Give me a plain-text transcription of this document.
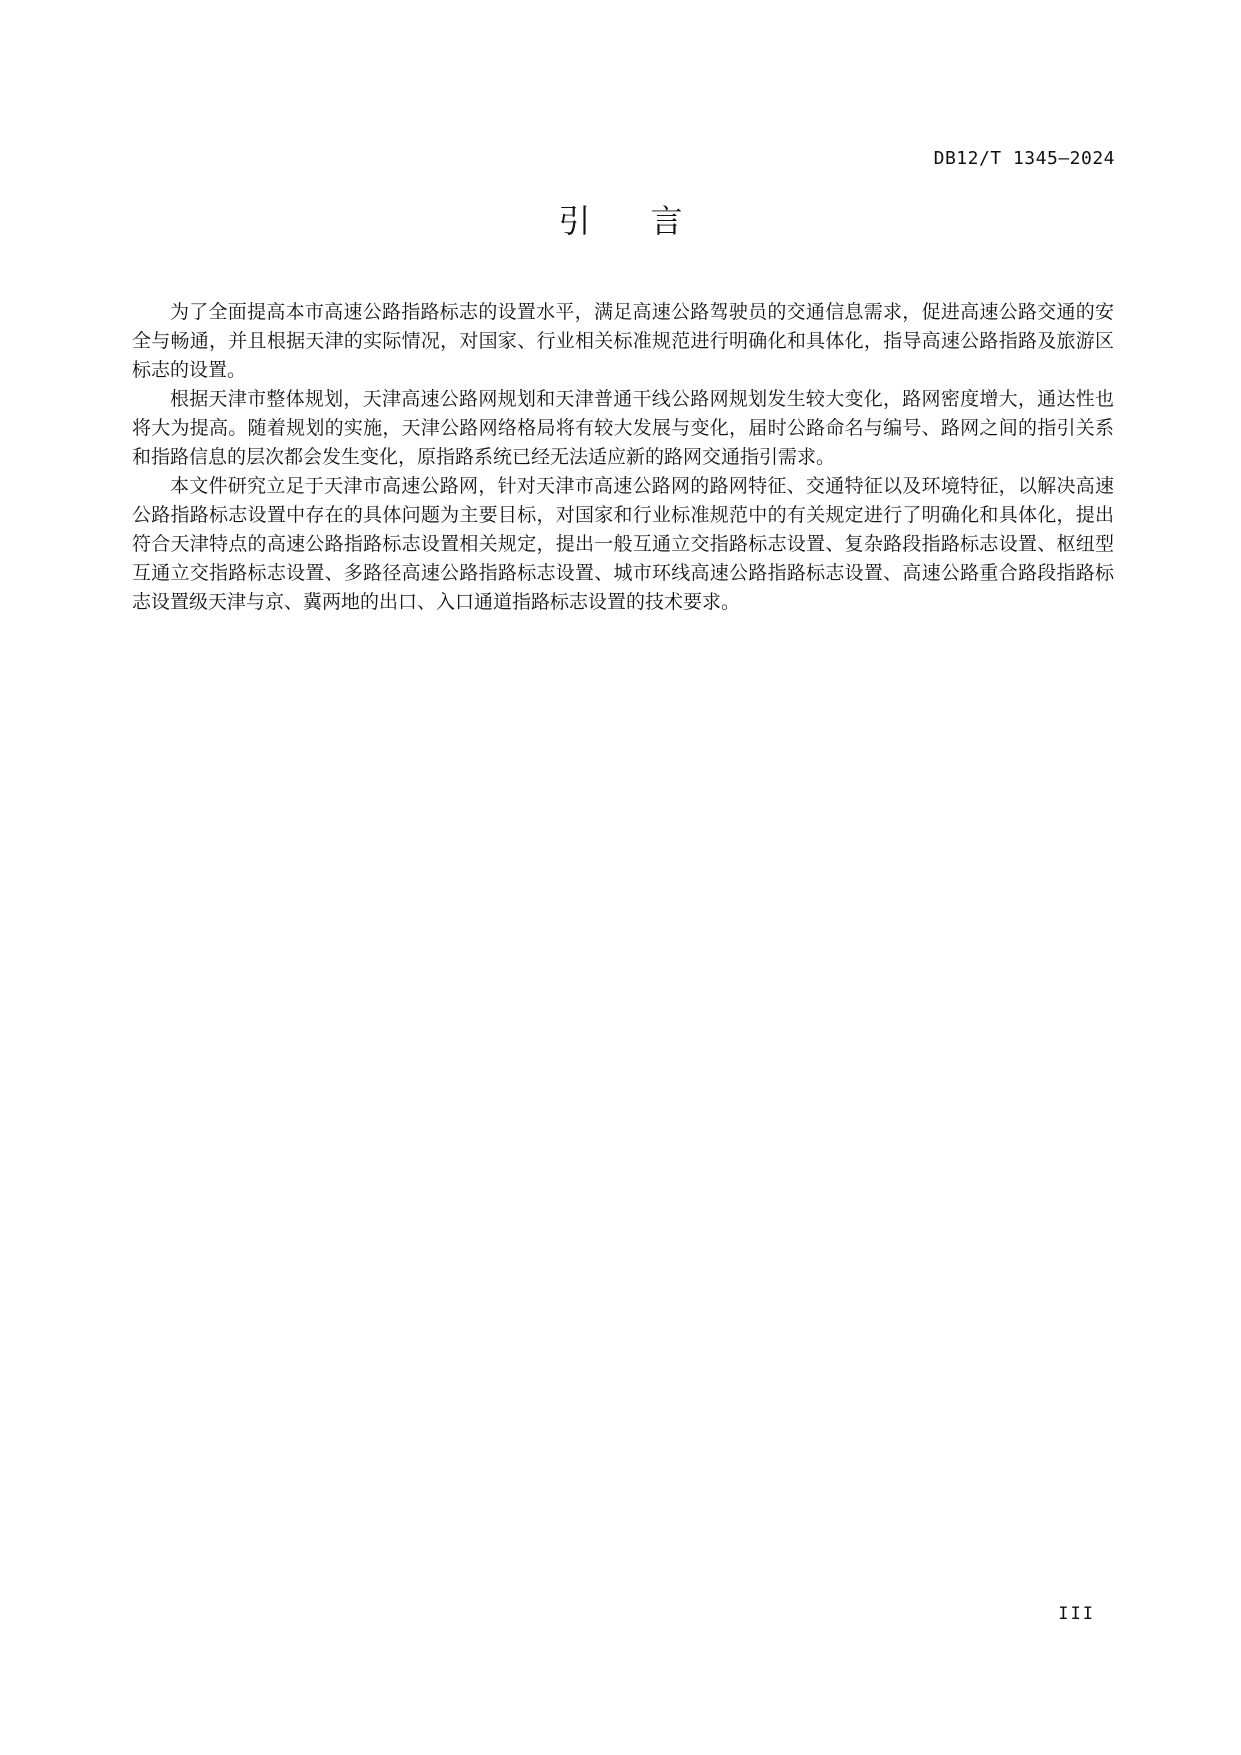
DB12/T 1345—2024
引言

为了全面提高本市高速公路指路标志的设置水平，满足高速公路驾驶员的交通信息需求，促进高速公路交通的安全与畅通，并且根据天津的实际情况，对国家、行业相关标准规范进行明确化和具体化，指导高速公路指路及旅游区标志的设置。

根据天津市整体规划，天津高速公路网规划和天津普通干线公路网规划发生较大变化，路网密度增大，通达性也将大为提高。随着规划的实施，天津公路网络格局将有较大发展与变化，届时公路命名与编号、路网之间的指引关系和指路信息的层次都会发生变化，原指路系统已经无法适应新的路网交通指引需求。

本文件研究立足于天津市高速公路网，针对天津市高速公路网的路网特征、交通特征以及环境特征，以解决高速公路指路标志设置中存在的具体问题为主要目标，对国家和行业标准规范中的有关规定进行了明确化和具体化，提出符合天津特点的高速公路指路标志设置相关规定，提出一般互通立交指路标志设置、复杂路段指路标志设置、枢纽型互通立交指路标志设置、多路径高速公路指路标志设置、城市环线高速公路指路标志设置、高速公路重合路段指路标志设置级天津与京、冀两地的出口、入口通道指路标志设置的技术要求。

III
